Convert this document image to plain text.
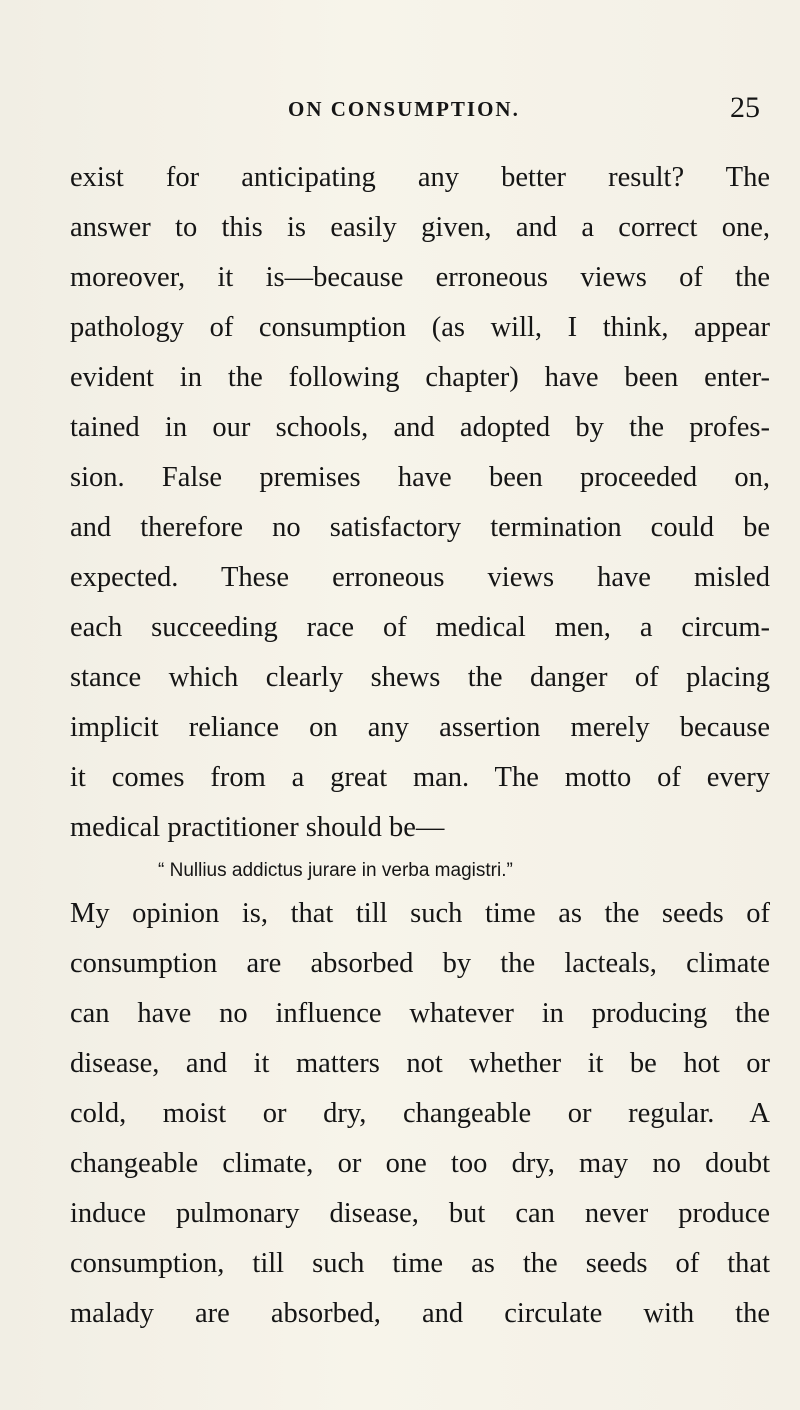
ON CONSUMPTION.	25
exist for anticipating any better result? The
answer to this is easily given, and a correct one,
moreover, it is—because erroneous views of the
pathology of consumption (as will, I think, appear
evident in the following chapter) have been enter-
tained in our schools, and adopted by the profes-
sion. False premises have been proceeded on,
and therefore no satisfactory termination could be
expected. These erroneous views have misled
each succeeding race of medical men, a circum-
stance which clearly shews the danger of placing
implicit reliance on any assertion merely because
it comes from a great man. The motto of every
medical practitioner should be—
“ Nullius addictus jurare in verba magistri.”
My opinion is, that till such time as the seeds of
consumption are absorbed by the lacteals, climate
can have no influence whatever in producing the
disease, and it matters not whether it be hot or
cold, moist or dry, changeable or regular. A
changeable climate, or one too dry, may no doubt
induce pulmonary disease, but can never produce
consumption, till such time as the seeds of that
malady are absorbed, and circulate with the
